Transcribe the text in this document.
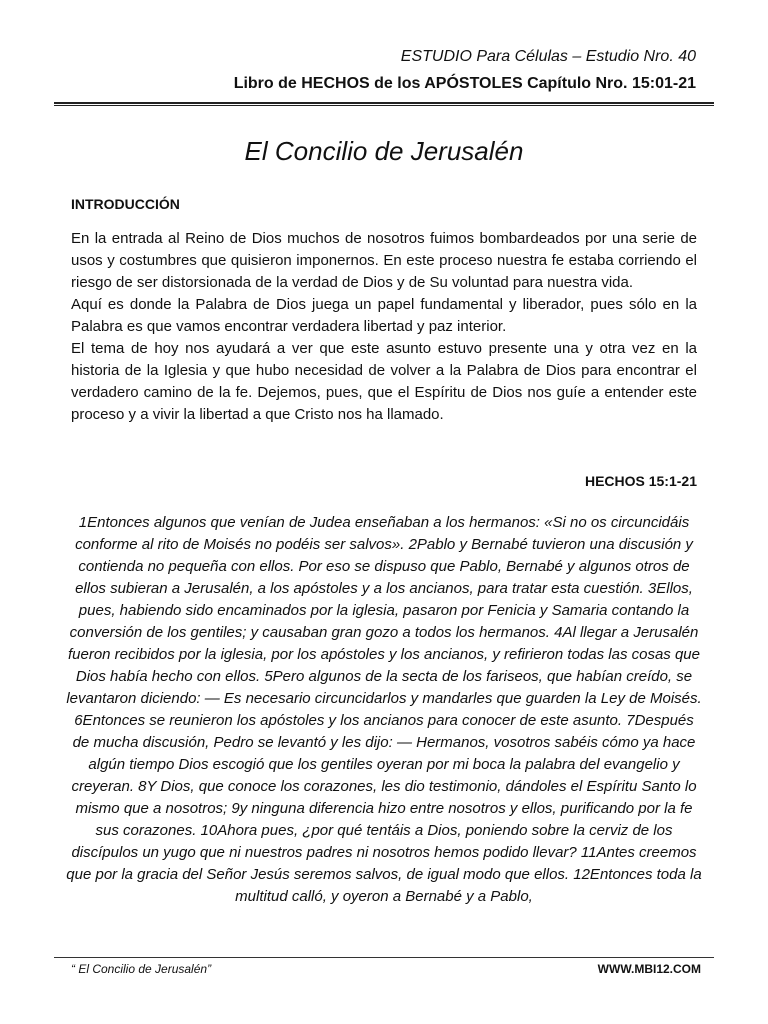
ESTUDIO Para Células – Estudio Nro. 40
Libro de HECHOS de los APÓSTOLES Capítulo Nro. 15:01-21
El Concilio de Jerusalén
INTRODUCCIÓN

En la entrada al Reino de Dios muchos de nosotros fuimos bombardeados por una serie de usos y costumbres que quisieron imponernos. En este proceso nuestra fe estaba corriendo el riesgo de ser distorsionada de la verdad de Dios y de Su voluntad para nuestra vida.

Aquí es donde la Palabra de Dios juega un papel fundamental y liberador, pues sólo en la Palabra es que vamos encontrar verdadera libertad y paz interior.

El tema de hoy nos ayudará a ver que este asunto estuvo presente una y otra vez en la historia de la Iglesia y que hubo necesidad de volver a la Palabra de Dios para encontrar el verdadero camino de la fe. Dejemos, pues, que el Espíritu de Dios nos guíe a entender este proceso y a vivir la libertad a que Cristo nos ha llamado.

HECHOS 15:1-21

1Entonces algunos que venían de Judea enseñaban a los hermanos: «Si no os circuncidáis conforme al rito de Moisés no podéis ser salvos». 2Pablo y Bernabé tuvieron una discusión y contienda no pequeña con ellos. Por eso se dispuso que Pablo, Bernabé y algunos otros de ellos subieran a Jerusalén, a los apóstoles y a los ancianos, para tratar esta cuestión. 3Ellos, pues, habiendo sido encaminados por la iglesia, pasaron por Fenicia y Samaria contando la conversión de los gentiles; y causaban gran gozo a todos los hermanos. 4Al llegar a Jerusalén fueron recibidos por la iglesia, por los apóstoles y los ancianos, y refirieron todas las cosas que Dios había hecho con ellos. 5Pero algunos de la secta de los fariseos, que habían creído, se levantaron diciendo: — Es necesario circuncidarlos y mandarles que guarden la Ley de Moisés. 6Entonces se reunieron los apóstoles y los ancianos para conocer de este asunto. 7Después de mucha discusión, Pedro se levantó y les dijo: — Hermanos, vosotros sabéis cómo ya hace algún tiempo Dios escogió que los gentiles oyeran por mi boca la palabra del evangelio y creyeran. 8Y Dios, que conoce los corazones, les dio testimonio, dándoles el Espíritu Santo lo mismo que a nosotros; 9y ninguna diferencia hizo entre nosotros y ellos, purificando por la fe sus corazones. 10Ahora pues, ¿por qué tentáis a Dios, poniendo sobre la cerviz de los discípulos un yugo que ni nuestros padres ni nosotros hemos podido llevar? 11Antes creemos que por la gracia del Señor Jesús seremos salvos, de igual modo que ellos. 12Entonces toda la multitud calló, y oyeron a Bernabé y a Pablo,

“ El Concilio de Jerusalén”	WWW.MBI12.COM
